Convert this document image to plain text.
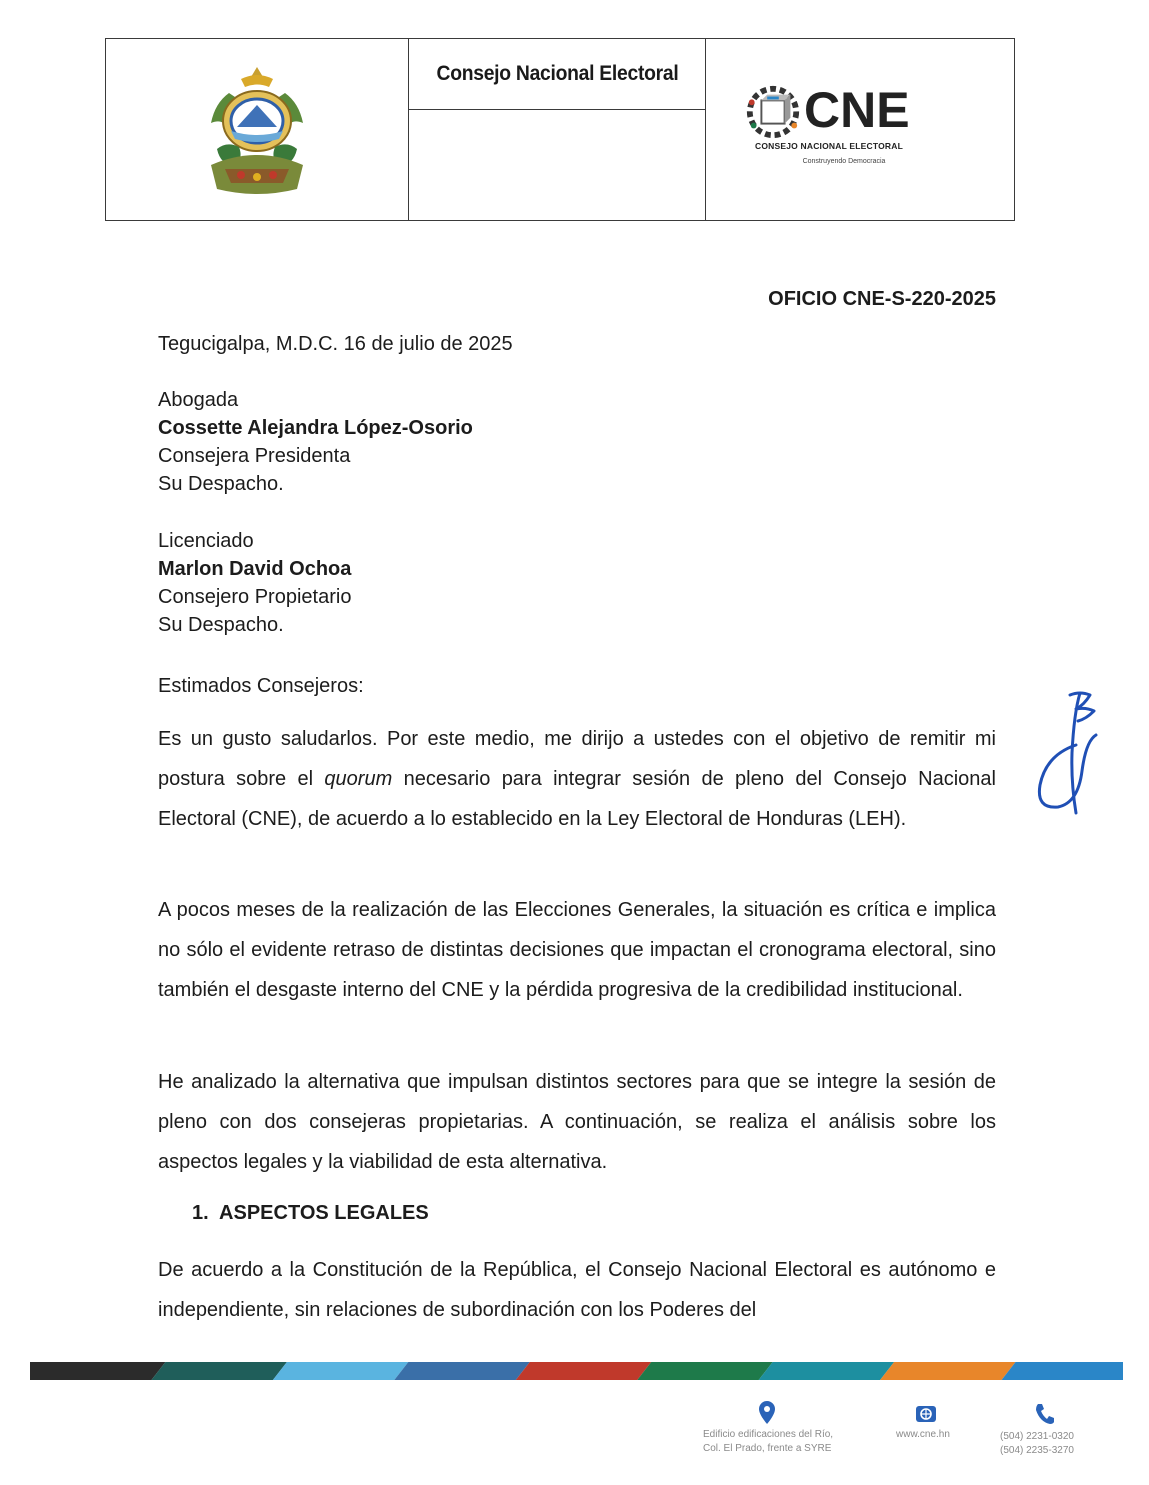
Consejo Nacional Electoral
CNE
CONSEJO NACIONAL ELECTORAL
Construyendo Democracia
OFICIO CNE-S-220-2025
Tegucigalpa, M.D.C. 16 de julio de 2025
Abogada
Cossette Alejandra López-Osorio
Consejera Presidenta
Su Despacho.
Licenciado
Marlon David Ochoa
Consejero Propietario
Su Despacho.
Estimados Consejeros:
Es un gusto saludarlos. Por este medio, me dirijo a ustedes con el objetivo de remitir mi postura sobre el quorum necesario para integrar sesión de pleno del Consejo Nacional Electoral (CNE), de acuerdo a lo establecido en la Ley Electoral de Honduras (LEH).
A pocos meses de la realización de las Elecciones Generales, la situación es crítica e implica no sólo el evidente retraso de distintas decisiones que impactan el cronograma electoral, sino también el desgaste interno del CNE y la pérdida progresiva de la credibilidad institucional.
He analizado la alternativa que impulsan distintos sectores para que se integre la sesión de pleno con dos consejeras propietarias. A continuación, se realiza el análisis sobre los aspectos legales y la viabilidad de esta alternativa.
1.  ASPECTOS LEGALES
De acuerdo a la Constitución de la República, el Consejo Nacional Electoral es autónomo e independiente, sin relaciones de subordinación con los Poderes del
Edificio edificaciones del Río,
Col. El Prado, frente a SYRE
www.cne.hn	(504) 2231-0320
(504) 2235-3270
